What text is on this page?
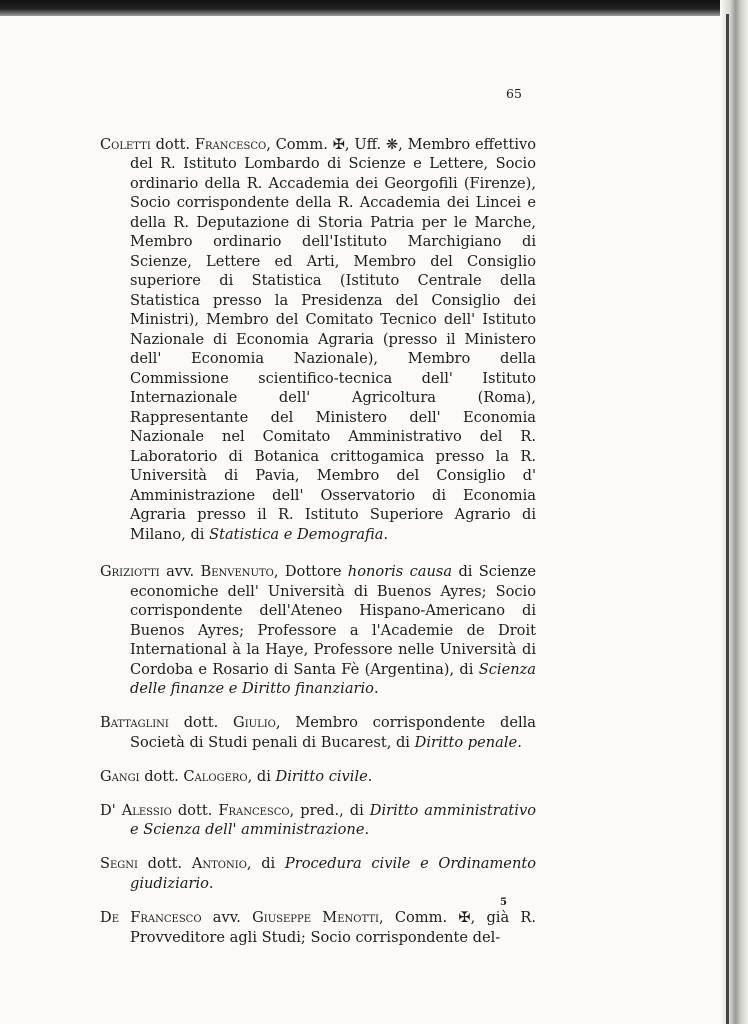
65

Coletti dott. Francesco, Comm. ✠, Uff. ❋, Membro effettivo del R. Istituto Lombardo di Scienze e Lettere, Socio ordinario della R. Accademia dei Georgofili (Firenze), Socio corrispondente della R. Accademia dei Lincei e della R. Deputazione di Storia Patria per le Marche, Membro ordinario dell'Istituto Marchigiano di Scienze, Lettere ed Arti, Membro del Consiglio superiore di Statistica (Istituto Centrale della Statistica presso la Presidenza del Consiglio dei Ministri), Membro del Comitato Tecnico dell' Istituto Nazionale di Economia Agraria (presso il Ministero dell' Economia Nazionale), Membro della Commissione scientifico-tecnica dell' Istituto Internazionale dell' Agricoltura (Roma), Rappresentante del Ministero dell' Economia Nazionale nel Comitato Amministrativo del R. Laboratorio di Botanica crittogamica presso la R. Università di Pavia, Membro del Consiglio d' Amministrazione dell' Osservatorio di Economia Agraria presso il R. Istituto Superiore Agrario di Milano, di Statistica e Demografia.

Griziotti avv. Benvenuto, Dottore honoris causa di Scienze economiche dell' Università di Buenos Ayres; Socio corrispondente dell'Ateneo Hispano-Americano di Buenos Ayres; Professore a l'Academie de Droit International à la Haye, Professore nelle Università di Cordoba e Rosario di Santa Fè (Argentina), di Scienza delle finanze e Diritto finanziario.

Battaglini dott. Giulio, Membro corrispondente della Società di Studi penali di Bucarest, di Diritto penale.

Gangi dott. Calogero, di Diritto civile.

D' Alessio dott. Francesco, pred., di Diritto amministrativo e Scienza dell' amministrazione.

Segni dott. Antonio, di Procedura civile e Ordinamento giudiziario.

De Francesco avv. Giuseppe Menotti, Comm. ✠, già R. Provveditore agli Studi; Socio corrispondente del-

5
